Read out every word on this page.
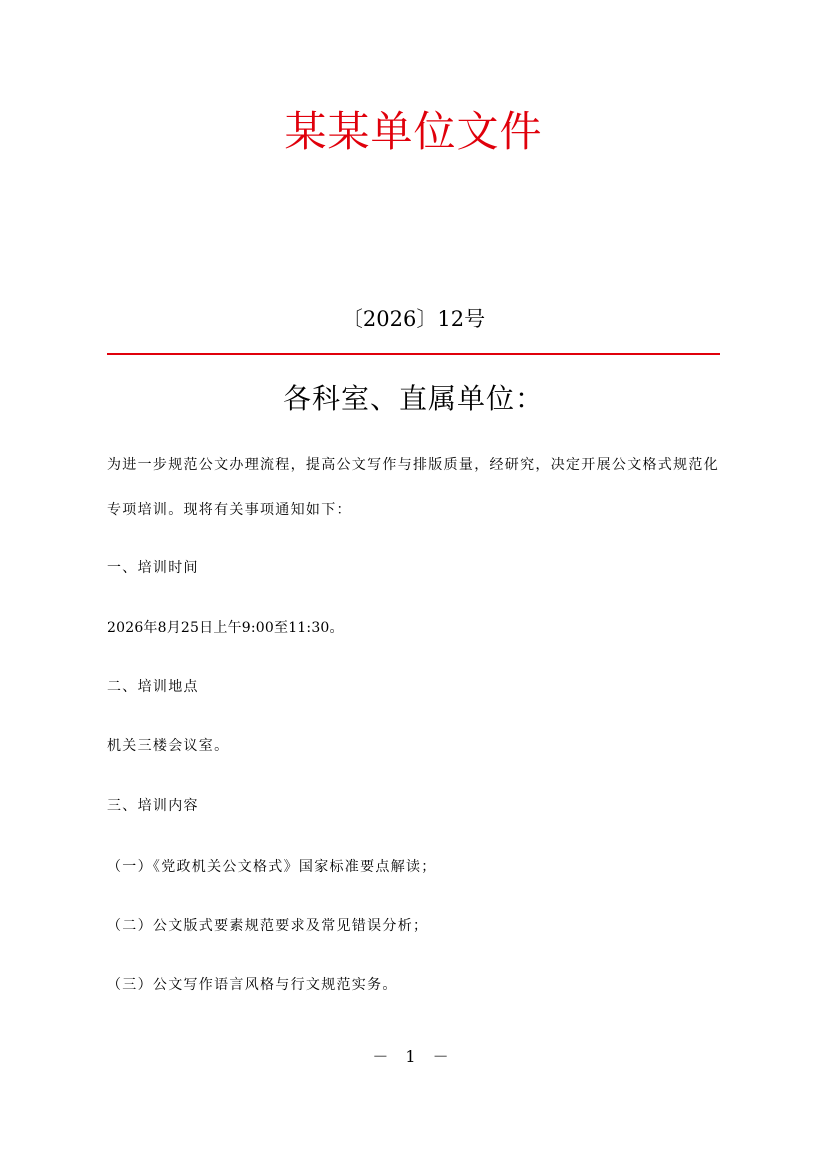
某某单位文件
〔2026〕12号
各科室、直属单位：
为进一步规范公文办理流程，提高公文写作与排版质量，经研究，决定开展公文格式规范化
专项培训。现将有关事项通知如下：
一、培训时间
2026年8月25日上午9:00至11:30。
二、培训地点
机关三楼会议室。
三、培训内容
（一）《党政机关公文格式》国家标准要点解读；
（二）公文版式要素规范要求及常见错误分析；
（三）公文写作语言风格与行文规范实务。
－ 1 －
